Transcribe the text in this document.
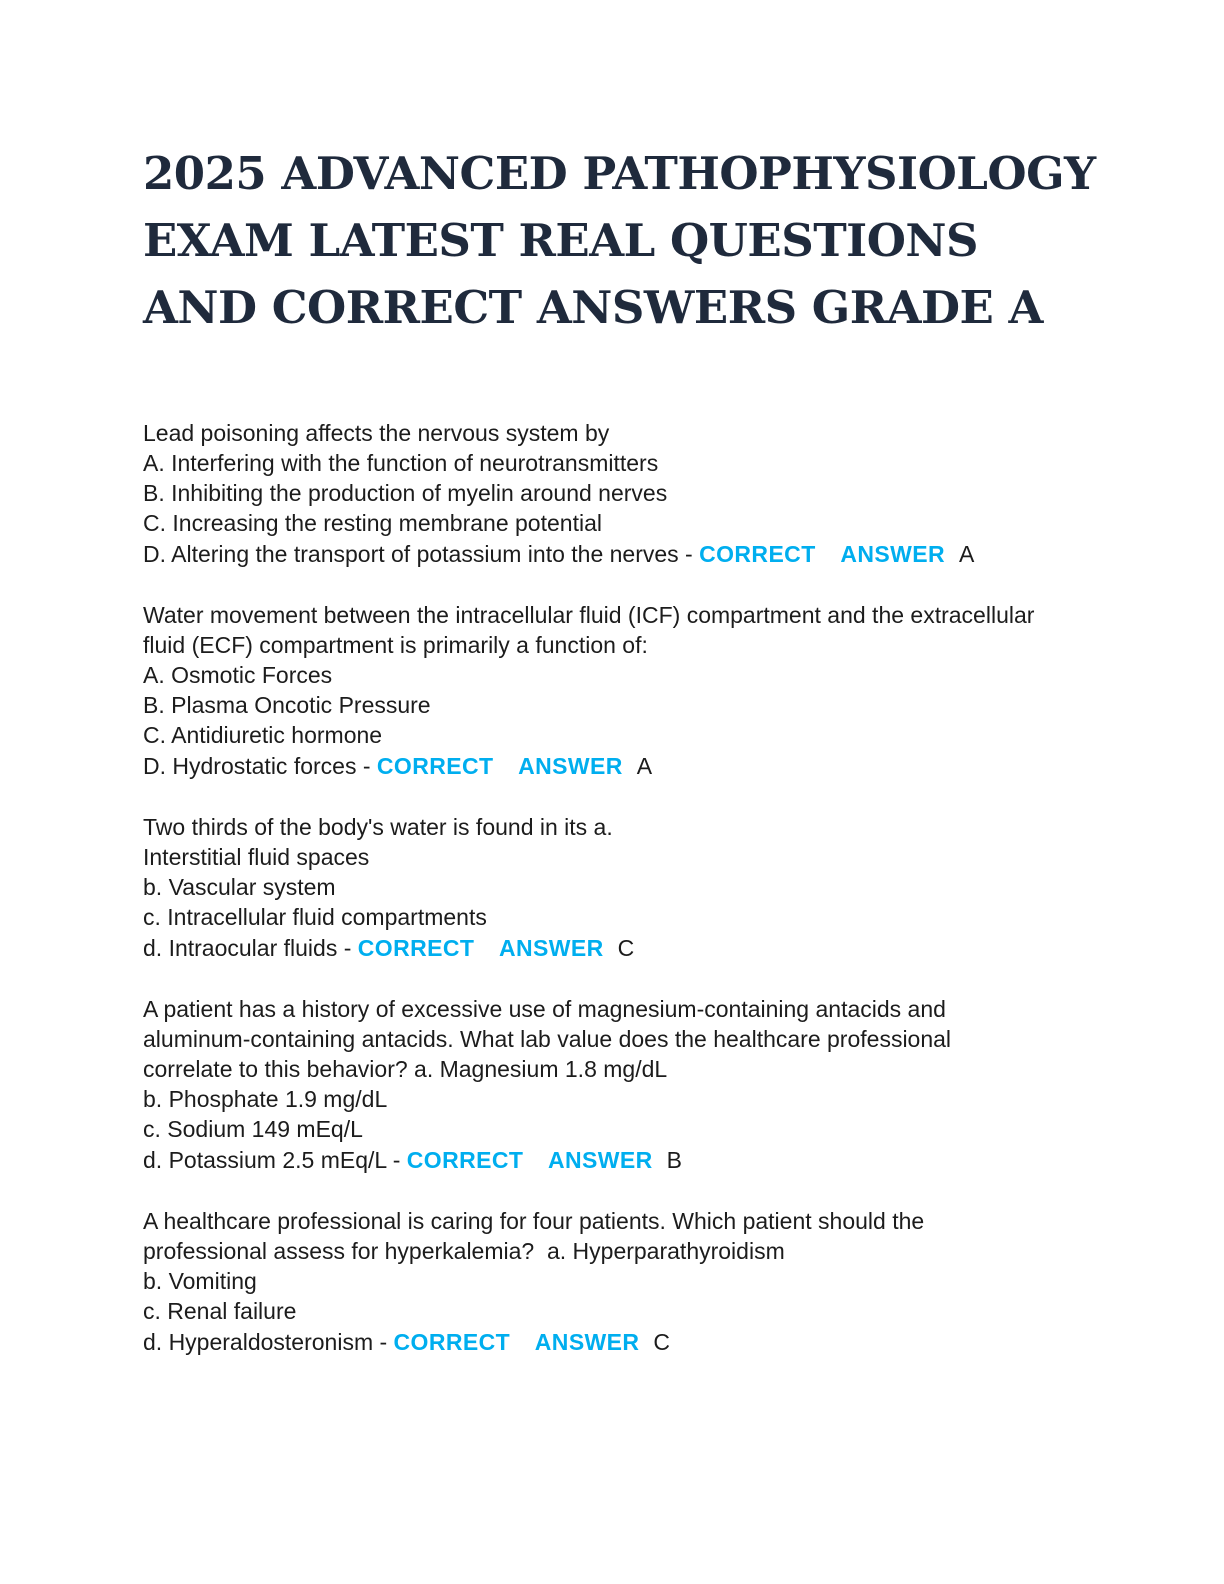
2025 ADVANCED PATHOPHYSIOLOGY EXAM LATEST REAL QUESTIONS AND CORRECT ANSWERS GRADE A

Lead poisoning affects the nervous system by

A. Interfering with the function of neurotransmitters

B. Inhibiting the production of myelin around nerves

C. Increasing the resting membrane potential

D. Altering the transport of potassium into the nerves - CORRECT  ANSWER A

Water movement between the intracellular fluid (ICF) compartment and the extracellular

fluid (ECF) compartment is primarily a function of:

A. Osmotic Forces

B. Plasma Oncotic Pressure

C. Antidiuretic hormone

D. Hydrostatic forces - CORRECT  ANSWER A

Two thirds of the body's water is found in its a.

Interstitial fluid spaces

b. Vascular system

c. Intracellular fluid compartments

d. Intraocular fluids - CORRECT  ANSWER C

A patient has a history of excessive use of magnesium-containing antacids and

aluminum-containing antacids. What lab value does the healthcare professional

correlate to this behavior? a. Magnesium 1.8 mg/dL

b. Phosphate 1.9 mg/dL

c. Sodium 149 mEq/L

d. Potassium 2.5 mEq/L - CORRECT  ANSWER B

A healthcare professional is caring for four patients. Which patient should the

professional assess for hyperkalemia?  a. Hyperparathyroidism

b. Vomiting

c. Renal failure

d. Hyperaldosteronism - CORRECT  ANSWER C
